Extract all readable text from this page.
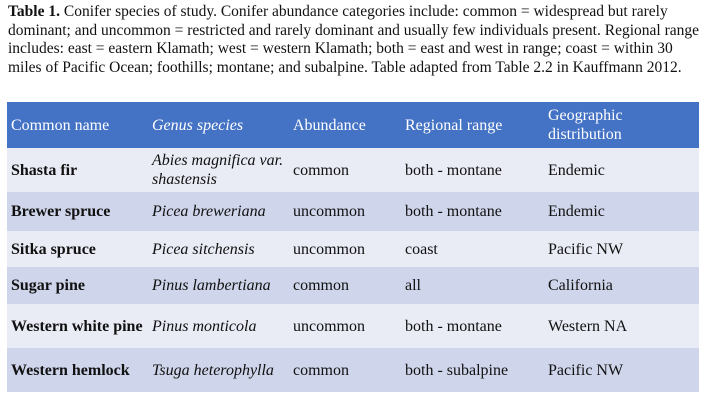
Table 1. Conifer species of study. Conifer abundance categories include: common = widespread but rarely dominant; and uncommon = restricted and rarely dominant and usually few individuals present. Regional range includes: east = eastern Klamath; west = western Klamath; both = east and west in range; coast = within 30 miles of Pacific Ocean; foothills; montane; and subalpine. Table adapted from Table 2.2 in Kauffmann 2012.

Common name	Genus species	Abundance	Regional range	Geographic distribution
Shasta fir	Abies magnifica var. shastensis	common	both - montane	Endemic
Brewer spruce	Picea breweriana	uncommon	both - montane	Endemic
Sitka spruce	Picea sitchensis	uncommon	coast	Pacific NW
Sugar pine	Pinus lambertiana	common	all	California
Western white pine	Pinus monticola	uncommon	both - montane	Western NA
Western hemlock	Tsuga heterophylla	common	both - subalpine	Pacific NW
